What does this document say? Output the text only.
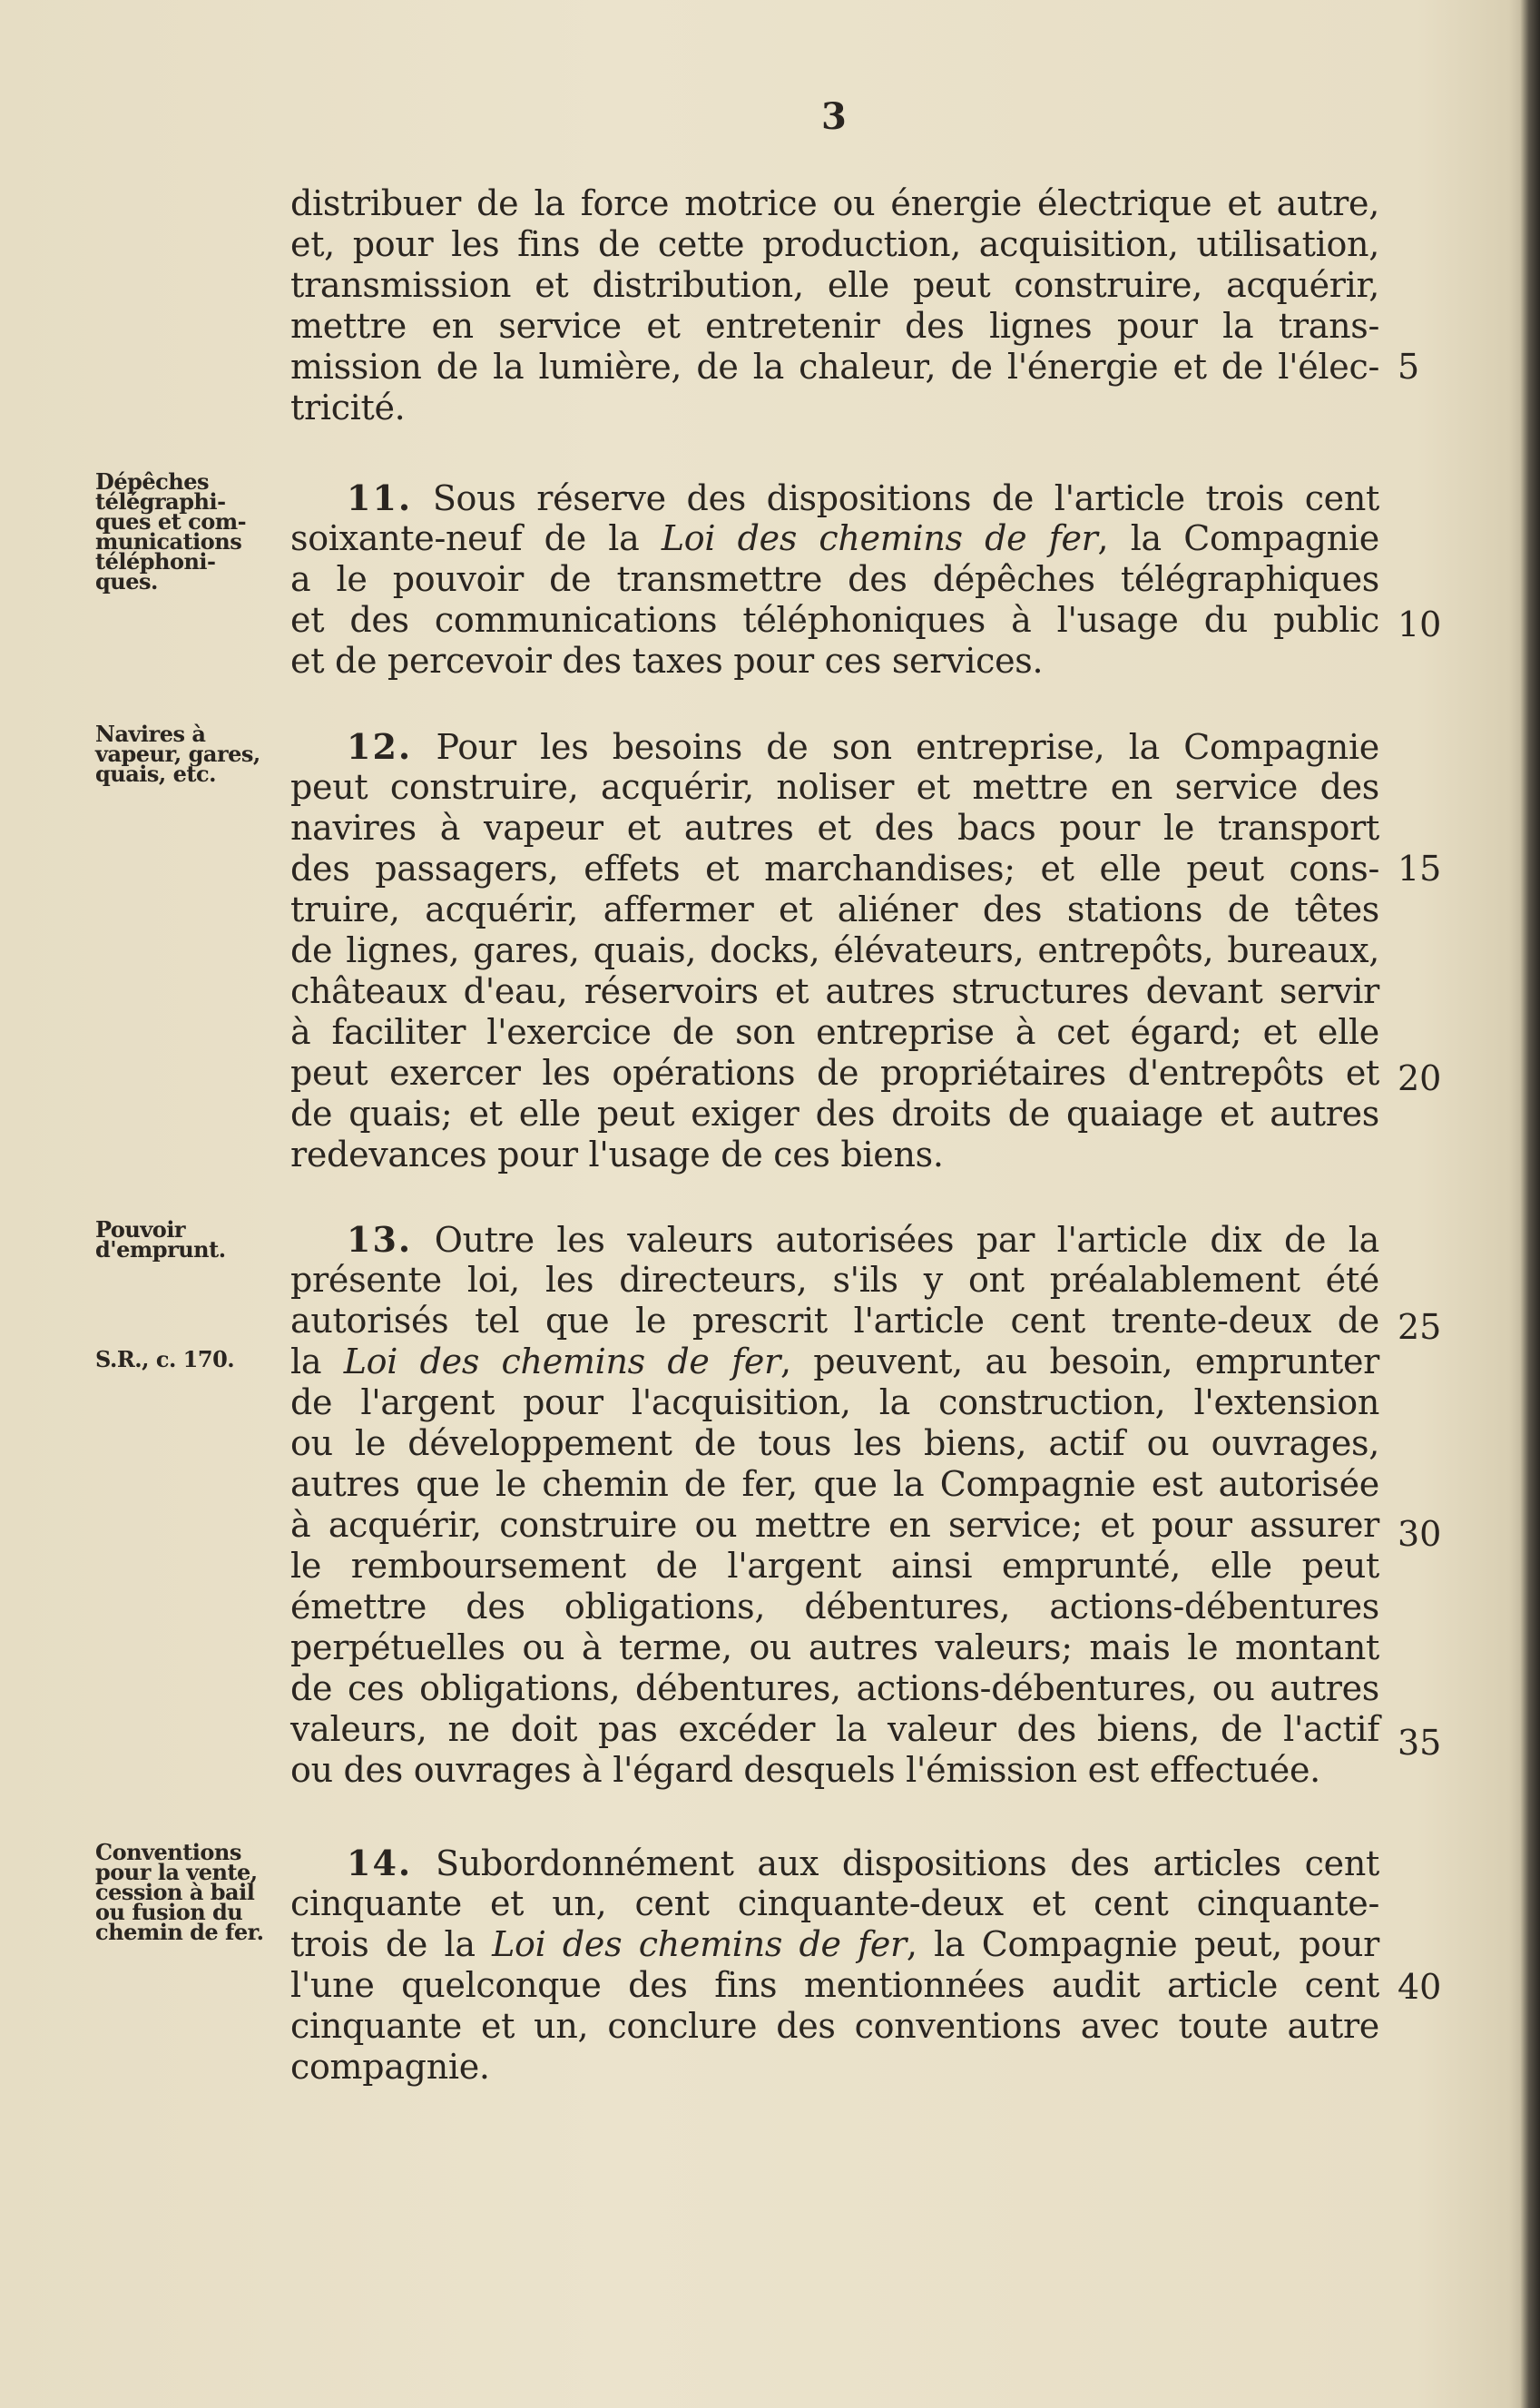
3
distribuer de la force motrice ou énergie électrique et autre,
et, pour les fins de cette production, acquisition, utilisation,
transmission et distribution, elle peut construire, acquérir,
mettre en service et entretenir des lignes pour la trans-
mission de la lumière, de la chaleur, de l'énergie et de l'élec-
tricité.
Dépêches
télégraphi-
ques et com-
munications
téléphoni-
ques.
11. Sous réserve des dispositions de l'article trois cent
soixante-neuf de la Loi des chemins de fer, la Compagnie
a le pouvoir de transmettre des dépêches télégraphiques
et des communications téléphoniques à l'usage du public
et de percevoir des taxes pour ces services.
Navires à
vapeur, gares,
quais, etc.
12. Pour les besoins de son entreprise, la Compagnie
peut construire, acquérir, noliser et mettre en service des
navires à vapeur et autres et des bacs pour le transport
des passagers, effets et marchandises; et elle peut cons-
truire, acquérir, affermer et aliéner des stations de têtes
de lignes, gares, quais, docks, élévateurs, entrepôts, bureaux,
châteaux d'eau, réservoirs et autres structures devant servir
à faciliter l'exercice de son entreprise à cet égard; et elle
peut exercer les opérations de propriétaires d'entrepôts et
de quais; et elle peut exiger des droits de quaiage et autres
redevances pour l'usage de ces biens.
Pouvoir
d'emprunt.
S.R., c. 170.
13. Outre les valeurs autorisées par l'article dix de la
présente loi, les directeurs, s'ils y ont préalablement été
autorisés tel que le prescrit l'article cent trente-deux de
la Loi des chemins de fer, peuvent, au besoin, emprunter
de l'argent pour l'acquisition, la construction, l'extension
ou le développement de tous les biens, actif ou ouvrages,
autres que le chemin de fer, que la Compagnie est autorisée
à acquérir, construire ou mettre en service; et pour assurer
le remboursement de l'argent ainsi emprunté, elle peut
émettre des obligations, débentures, actions-débentures
perpétuelles ou à terme, ou autres valeurs; mais le montant
de ces obligations, débentures, actions-débentures, ou autres
valeurs, ne doit pas excéder la valeur des biens, de l'actif
ou des ouvrages à l'égard desquels l'émission est effectuée.
Conventions
pour la vente,
cession à bail
ou fusion du
chemin de fer.
14. Subordonnément aux dispositions des articles cent
cinquante et un, cent cinquante-deux et cent cinquante-
trois de la Loi des chemins de fer, la Compagnie peut, pour
l'une quelconque des fins mentionnées audit article cent
cinquante et un, conclure des conventions avec toute autre
compagnie.
5
10
15
20
25
30
35
40
